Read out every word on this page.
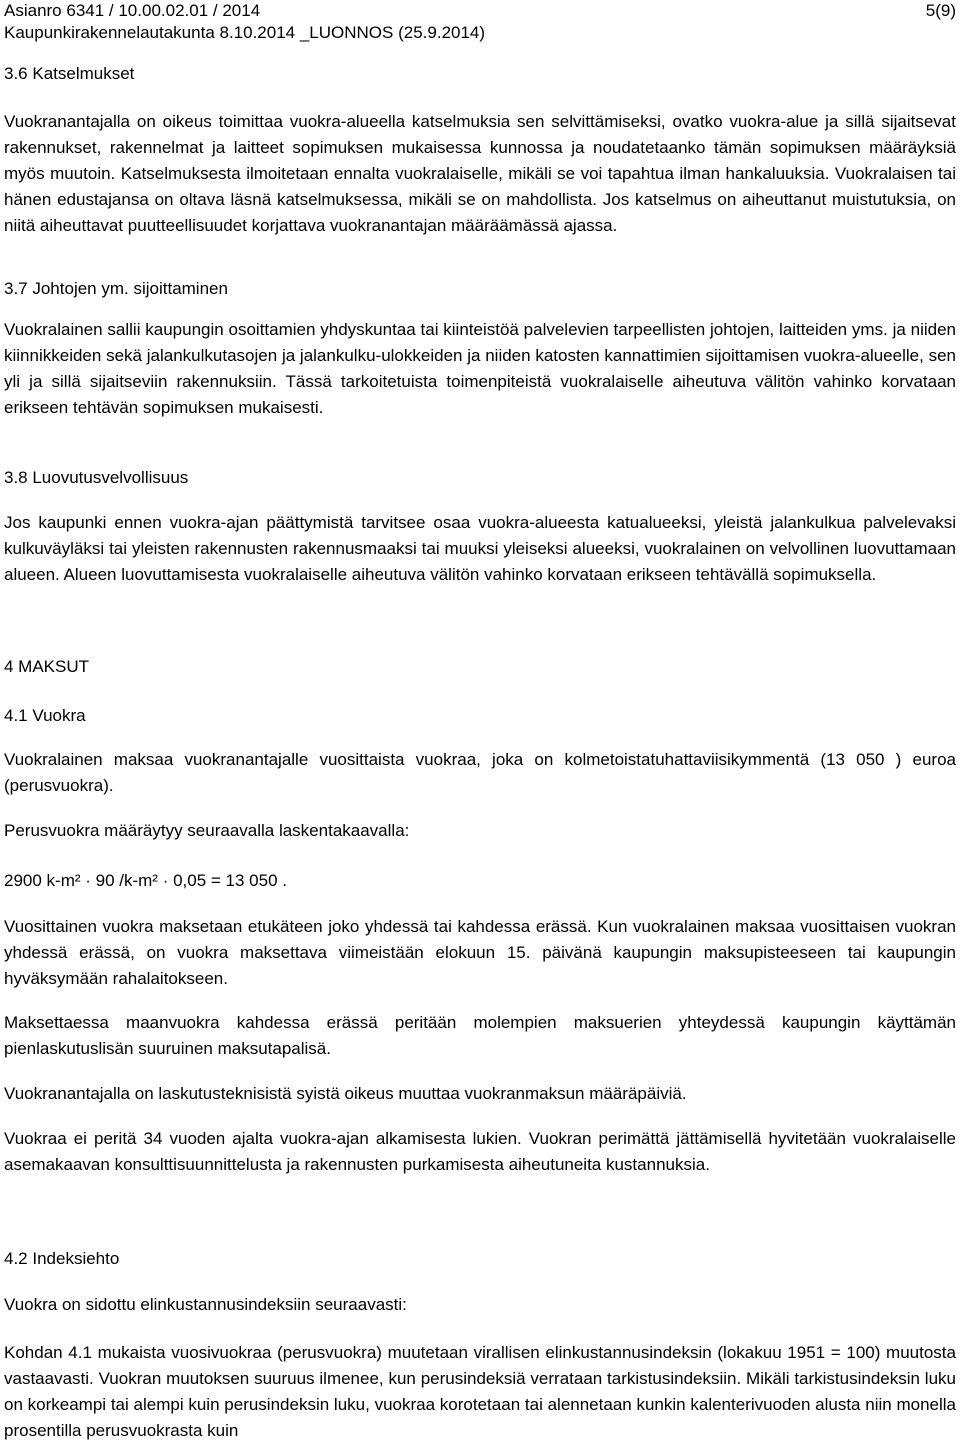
Asianro 6341 / 10.00.02.01 / 2014
Kaupunkirakennelautakunta 8.10.2014 _LUONNOS (25.9.2014)
5(9)
3.6 Katselmukset

Vuokranantajalla on oikeus toimittaa vuokra-alueella katselmuksia sen selvittämiseksi, ovatko vuokra-alue ja sillä sijaitsevat rakennukset, rakennelmat ja laitteet sopimuksen mukaisessa kunnossa ja noudatetaanko tämän sopimuksen määräyksiä myös muutoin. Katselmuksesta ilmoitetaan ennalta vuokralaiselle, mikäli se voi tapahtua ilman hankaluuksia. Vuokralaisen tai hänen edustajansa on oltava läsnä katselmuksessa, mikäli se on mahdollista. Jos katselmus on aiheuttanut muistutuksia, on niitä aiheuttavat puutteellisuudet korjattava vuokranantajan määräämässä ajassa.

3.7 Johtojen ym. sijoittaminen

Vuokralainen sallii kaupungin osoittamien yhdyskuntaa tai kiinteistöä palvelevien tarpeellisten johtojen, laitteiden yms. ja niiden kiinnikkeiden sekä jalankulkutasojen ja jalankulku-ulokkeiden ja niiden katosten kannattimien sijoittamisen vuokra-alueelle, sen yli ja sillä sijaitseviin rakennuksiin. Tässä tarkoitetuista toimenpiteistä vuokralaiselle aiheutuva välitön vahinko korvataan erikseen tehtävän sopimuksen mukaisesti.

3.8 Luovutusvelvollisuus

Jos kaupunki ennen vuokra-ajan päättymistä tarvitsee osaa vuokra-alueesta katualueeksi, yleistä jalankulkua palvelevaksi kulkuväyläksi tai yleisten rakennusten rakennusmaaksi tai muuksi yleiseksi alueeksi, vuokralainen on velvollinen luovuttamaan alueen. Alueen luovuttamisesta vuokralaiselle aiheutuva välitön vahinko korvataan erikseen tehtävällä sopimuksella.

4 MAKSUT
4.1 Vuokra

Vuokralainen maksaa vuokranantajalle vuosittaista vuokraa, joka on kolmetoistatuhattaviisikymmentä (13 050 ) euroa (perusvuokra).

Perusvuokra määräytyy seuraavalla laskentakaavalla:

2900 k-m² · 90 /k-m² · 0,05 = 13 050 .

Vuosittainen vuokra maksetaan etukäteen joko yhdessä tai kahdessa erässä. Kun vuokralainen maksaa vuosittaisen vuokran yhdessä erässä, on vuokra maksettava viimeistään elokuun 15. päivänä kaupungin maksupisteeseen tai kaupungin hyväksymään rahalaitokseen.

Maksettaessa maanvuokra kahdessa erässä peritään molempien maksuerien yhteydessä kaupungin käyttämän pienlaskutuslisän suuruinen maksutapalisä.

Vuokranantajalla on laskutusteknisistä syistä oikeus muuttaa vuokranmaksun määräpäiviä.

Vuokraa ei peritä 34 vuoden ajalta vuokra-ajan alkamisesta lukien. Vuokran perimättä jättämisellä hyvitetään vuokralaiselle asemakaavan konsulttisuunnittelusta ja rakennusten purkamisesta aiheutuneita kustannuksia.

4.2 Indeksiehto

Vuokra on sidottu elinkustannusindeksiin seuraavasti:

Kohdan 4.1 mukaista vuosivuokraa (perusvuokra) muutetaan virallisen elinkustannusindeksin (lokakuu 1951 = 100) muutosta vastaavasti. Vuokran muutoksen suuruus ilmenee, kun perusindeksiä verrataan tarkistusindeksiin. Mikäli tarkistusindeksin luku on korkeampi tai alempi kuin perusindeksin luku, vuokraa korotetaan tai alennetaan kunkin kalenterivuoden alusta niin monella prosentilla perusvuokrasta kuin
